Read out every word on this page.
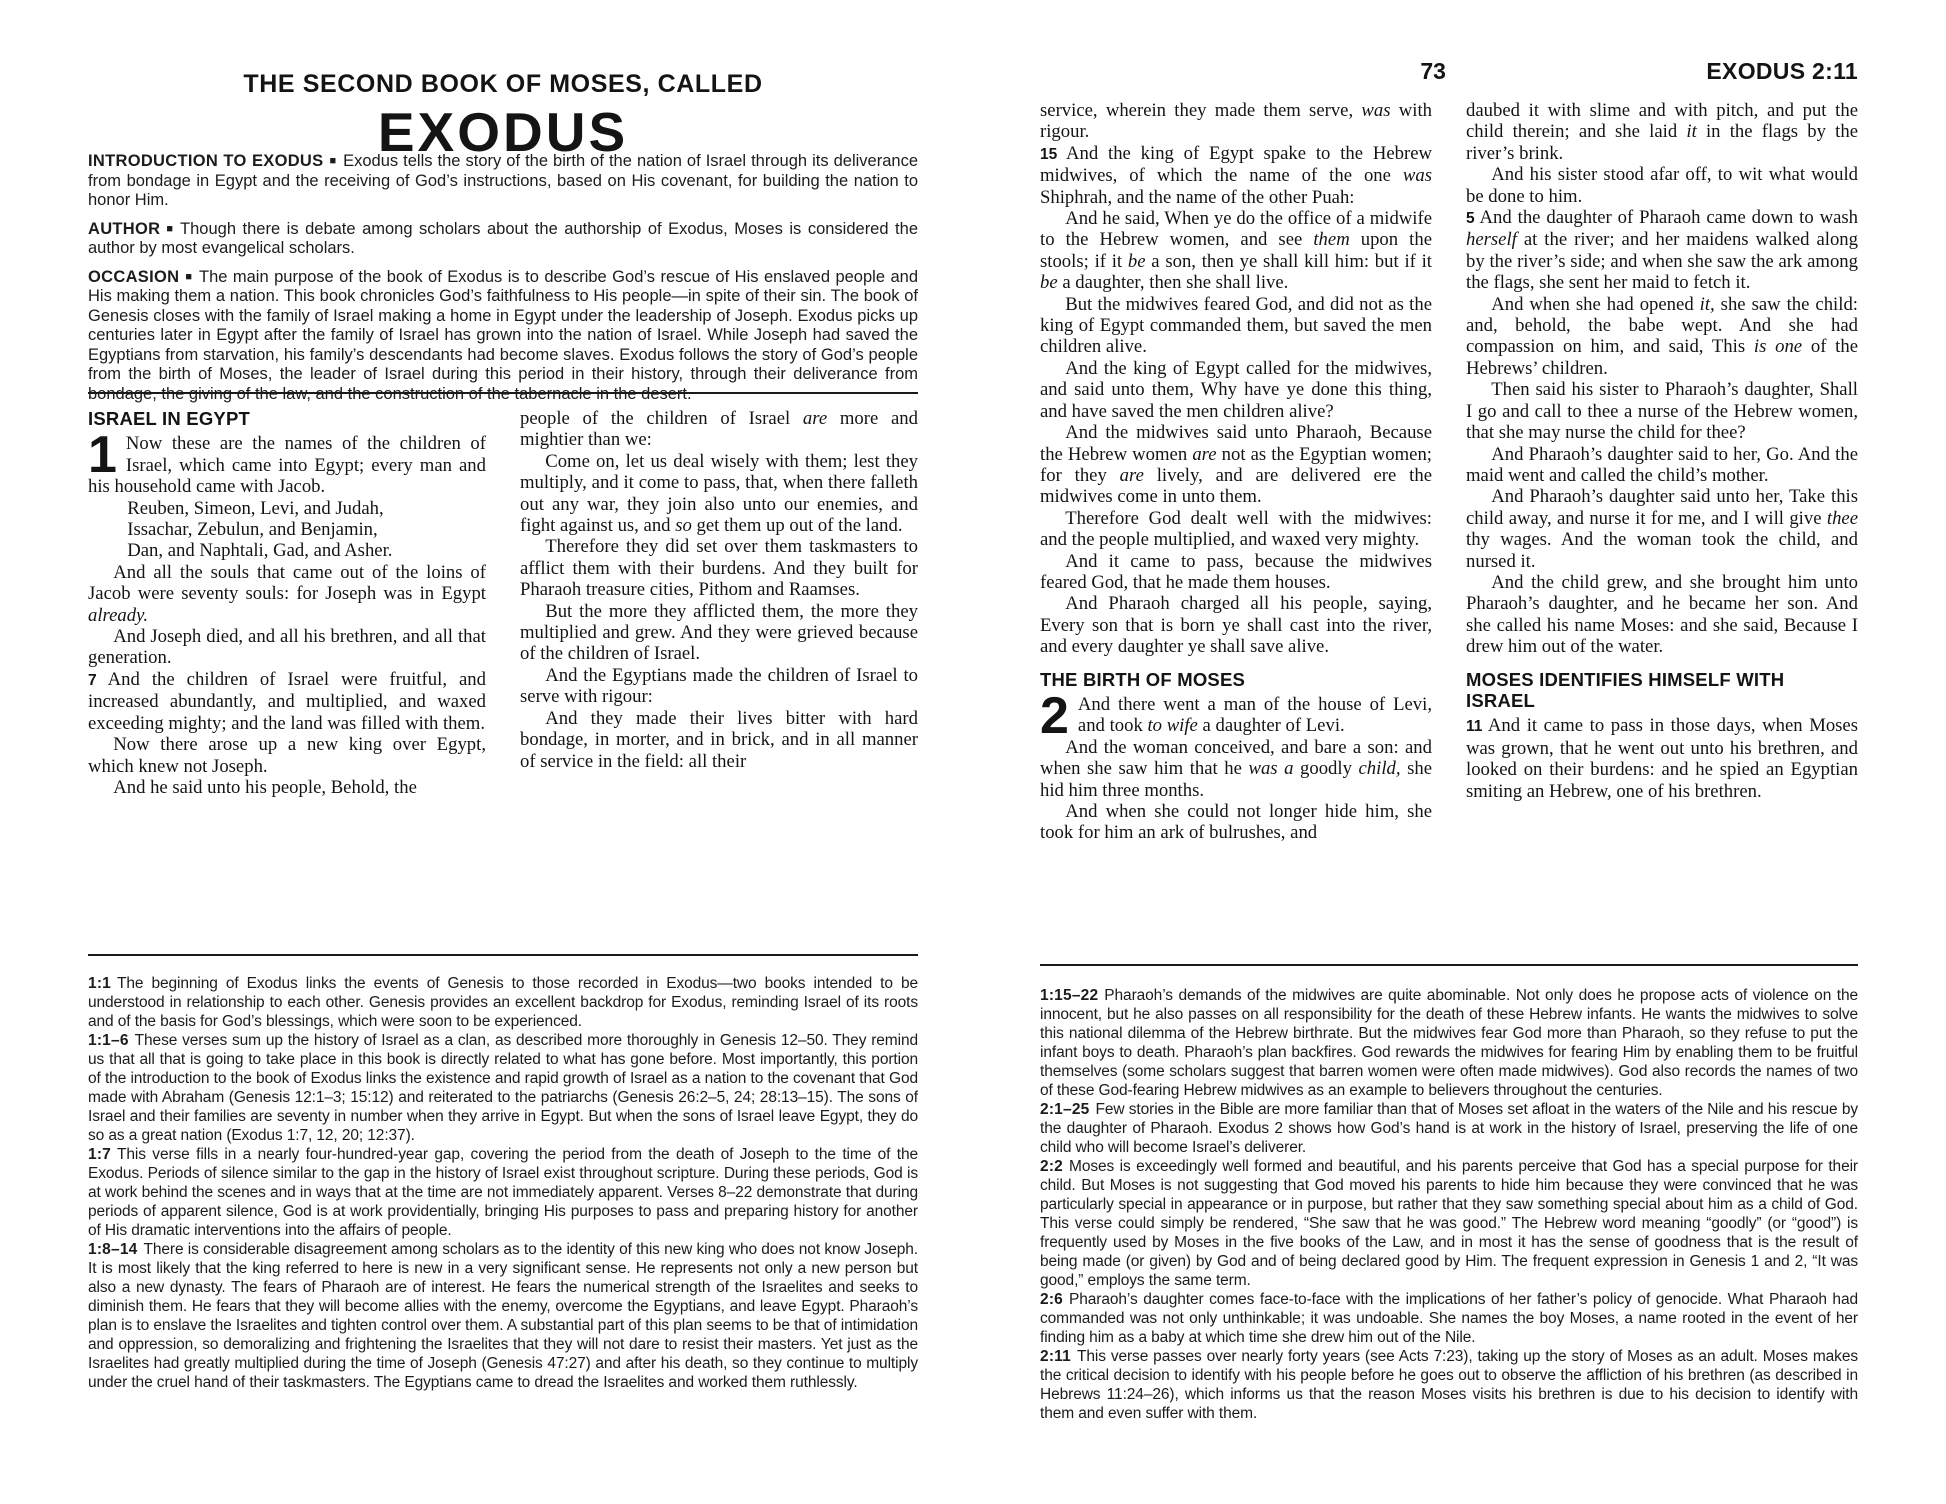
THE SECOND BOOK OF MOSES, CALLED
EXODUS

INTRODUCTION TO EXODUS ■ Exodus tells the story of the birth of the nation of Israel through its deliverance from bondage in Egypt and the receiving of God’s instructions, based on His covenant, for building the nation to honor Him.

AUTHOR ■ Though there is debate among scholars about the authorship of Exodus, Moses is considered the author by most evangelical scholars.

OCCASION ■ The main purpose of the book of Exodus is to describe God’s rescue of His enslaved people and His making them a nation. This book chronicles God’s faithfulness to His people—in spite of their sin. The book of Genesis closes with the family of Israel making a home in Egypt under the leadership of Joseph. Exodus picks up centuries later in Egypt after the family of Israel has grown into the nation of Israel. While Joseph had saved the Egyptians from starvation, his family’s descendants had become slaves. Exodus follows the story of God’s people from the birth of Moses, the leader of Israel during this period in their history, through their deliverance from bondage, the giving of the law, and the construction of the tabernacle in the desert.

ISRAEL IN EGYPT
1 Now these are the names of the children of Israel, which came into Egypt; every man and his household came with Jacob.

Reuben, Simeon, Levi, and Judah,

Issachar, Zebulun, and Benjamin,

Dan, and Naphtali, Gad, and Asher.

And all the souls that came out of the loins of Jacob were seventy souls: for Joseph was in Egypt already.

And Joseph died, and all his brethren, and all that generation.

7 And the children of Israel were fruitful, and increased abundantly, and multiplied, and waxed exceeding mighty; and the land was filled with them.

Now there arose up a new king over Egypt, which knew not Joseph.

And he said unto his people, Behold, the

people of the children of Israel are more and mightier than we:

Come on, let us deal wisely with them; lest they multiply, and it come to pass, that, when there falleth out any war, they join also unto our enemies, and fight against us, and so get them up out of the land.

Therefore they did set over them taskmasters to afflict them with their burdens. And they built for Pharaoh treasure cities, Pithom and Raamses.

But the more they afflicted them, the more they multiplied and grew. And they were grieved because of the children of Israel.

And the Egyptians made the children of Israel to serve with rigour:

And they made their lives bitter with hard bondage, in morter, and in brick, and in all manner of service in the field: all their

1:1 The beginning of Exodus links the events of Genesis to those recorded in Exodus—two books intended to be understood in relationship to each other. Genesis provides an excellent backdrop for Exodus, reminding Israel of its roots and of the basis for God’s blessings, which were soon to be experienced.

1:1–6 These verses sum up the history of Israel as a clan, as described more thoroughly in Genesis 12–50. They remind us that all that is going to take place in this book is directly related to what has gone before. Most importantly, this portion of the introduction to the book of Exodus links the existence and rapid growth of Israel as a nation to the covenant that God made with Abraham (Genesis 12:1–3; 15:12) and reiterated to the patriarchs (Genesis 26:2–5, 24; 28:13–15). The sons of Israel and their families are seventy in number when they arrive in Egypt. But when the sons of Israel leave Egypt, they do so as a great nation (Exodus 1:7, 12, 20; 12:37).

1:7 This verse fills in a nearly four-hundred-year gap, covering the period from the death of Joseph to the time of the Exodus. Periods of silence similar to the gap in the history of Israel exist throughout scripture. During these periods, God is at work behind the scenes and in ways that at the time are not immediately apparent. Verses 8–22 demonstrate that during periods of apparent silence, God is at work providentially, bringing His purposes to pass and preparing history for another of His dramatic interventions into the affairs of people.

1:8–14 There is considerable disagreement among scholars as to the identity of this new king who does not know Joseph. It is most likely that the king referred to here is new in a very significant sense. He represents not only a new person but also a new dynasty. The fears of Pharaoh are of interest. He fears the numerical strength of the Israelites and seeks to diminish them. He fears that they will become allies with the enemy, overcome the Egyptians, and leave Egypt. Pharaoh’s plan is to enslave the Israelites and tighten control over them. A substantial part of this plan seems to be that of intimidation and oppression, so demoralizing and frightening the Israelites that they will not dare to resist their masters. Yet just as the Israelites had greatly multiplied during the time of Joseph (Genesis 47:27) and after his death, so they continue to multiply under the cruel hand of their taskmasters. The Egyptians came to dread the Israelites and worked them ruthlessly.

73	EXODUS 2:11

service, wherein they made them serve, was with rigour.

15 And the king of Egypt spake to the Hebrew midwives, of which the name of the one was Shiphrah, and the name of the other Puah:

And he said, When ye do the office of a midwife to the Hebrew women, and see them upon the stools; if it be a son, then ye shall kill him: but if it be a daughter, then she shall live.

But the midwives feared God, and did not as the king of Egypt commanded them, but saved the men children alive.

And the king of Egypt called for the midwives, and said unto them, Why have ye done this thing, and have saved the men children alive?

And the midwives said unto Pharaoh, Because the Hebrew women are not as the Egyptian women; for they are lively, and are delivered ere the midwives come in unto them.

Therefore God dealt well with the midwives: and the people multiplied, and waxed very mighty.

And it came to pass, because the midwives feared God, that he made them houses.

And Pharaoh charged all his people, saying, Every son that is born ye shall cast into the river, and every daughter ye shall save alive.

THE BIRTH OF MOSES
2 And there went a man of the house of Levi, and took to wife a daughter of Levi.

And the woman conceived, and bare a son: and when she saw him that he was a goodly child, she hid him three months.

And when she could not longer hide him, she took for him an ark of bulrushes, and

daubed it with slime and with pitch, and put the child therein; and she laid it in the flags by the river’s brink.

And his sister stood afar off, to wit what would be done to him.

5 And the daughter of Pharaoh came down to wash herself at the river; and her maidens walked along by the river’s side; and when she saw the ark among the flags, she sent her maid to fetch it.

And when she had opened it, she saw the child: and, behold, the babe wept. And she had compassion on him, and said, This is one of the Hebrews’ children.

Then said his sister to Pharaoh’s daughter, Shall I go and call to thee a nurse of the Hebrew women, that she may nurse the child for thee?

And Pharaoh’s daughter said to her, Go. And the maid went and called the child’s mother.

And Pharaoh’s daughter said unto her, Take this child away, and nurse it for me, and I will give thee thy wages. And the woman took the child, and nursed it.

And the child grew, and she brought him unto Pharaoh’s daughter, and he became her son. And she called his name Moses: and she said, Because I drew him out of the water.

MOSES IDENTIFIES HIMSELF WITH ISRAEL

11 And it came to pass in those days, when Moses was grown, that he went out unto his brethren, and looked on their burdens: and he spied an Egyptian smiting an Hebrew, one of his brethren.

1:15–22 Pharaoh’s demands of the midwives are quite abominable. Not only does he propose acts of violence on the innocent, but he also passes on all responsibility for the death of these Hebrew infants. He wants the midwives to solve this national dilemma of the Hebrew birthrate. But the midwives fear God more than Pharaoh, so they refuse to put the infant boys to death. Pharaoh’s plan backfires. God rewards the midwives for fearing Him by enabling them to be fruitful themselves (some scholars suggest that barren women were often made midwives). God also records the names of two of these God-fearing Hebrew midwives as an example to believers throughout the centuries.

2:1–25 Few stories in the Bible are more familiar than that of Moses set afloat in the waters of the Nile and his rescue by the daughter of Pharaoh. Exodus 2 shows how God’s hand is at work in the history of Israel, preserving the life of one child who will become Israel’s deliverer.

2:2 Moses is exceedingly well formed and beautiful, and his parents perceive that God has a special purpose for their child. But Moses is not suggesting that God moved his parents to hide him because they were convinced that he was particularly special in appearance or in purpose, but rather that they saw something special about him as a child of God. This verse could simply be rendered, “She saw that he was good.” The Hebrew word meaning “goodly” (or “good”) is frequently used by Moses in the five books of the Law, and in most it has the sense of goodness that is the result of being made (or given) by God and of being declared good by Him. The frequent expression in Genesis 1 and 2, “It was good,” employs the same term.

2:6 Pharaoh’s daughter comes face-to-face with the implications of her father’s policy of genocide. What Pharaoh had commanded was not only unthinkable; it was undoable. She names the boy Moses, a name rooted in the event of her finding him as a baby at which time she drew him out of the Nile.

2:11 This verse passes over nearly forty years (see Acts 7:23), taking up the story of Moses as an adult. Moses makes the critical decision to identify with his people before he goes out to observe the affliction of his brethren (as described in Hebrews 11:24–26), which informs us that the reason Moses visits his brethren is due to his decision to identify with them and even suffer with them.
